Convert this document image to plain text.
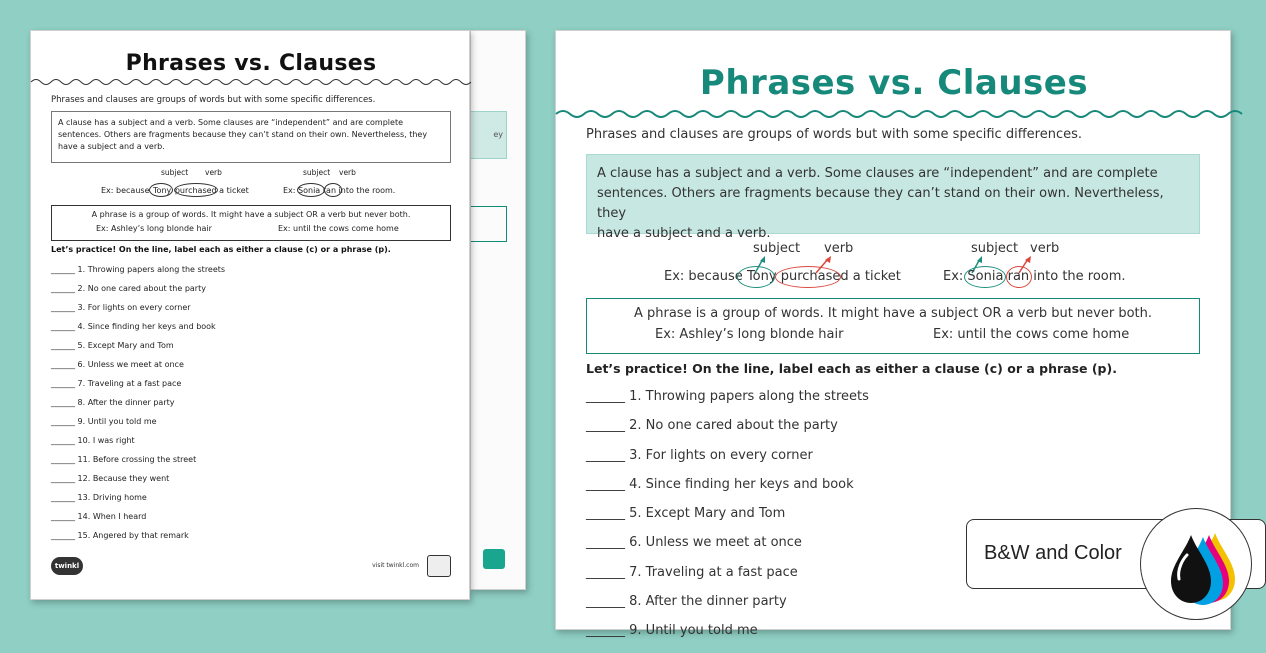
ey
Phrases vs. Clauses
Phrases and clauses are groups of words but with some specific differences.
A clause has a subject and a verb. Some clauses are “independent” and are complete
sentences. Others are fragments because they can’t stand on their own. Nevertheless, they
have a subject and a verb.
subject verb
Ex: because Tony purchased a ticket
subject verb
Ex: Sonia ran into the room.
A phrase is a group of words. It might have a subject OR a verb but never both.
Ex: Ashley’s long blonde hair	Ex: until the cows come home
Let’s practice! On the line, label each as either a clause (c) or a phrase (p).
______ 1. Throwing papers along the streets
______ 2. No one cared about the party
______ 3. For lights on every corner
______ 4. Since finding her keys and book
______ 5. Except Mary and Tom
______ 6. Unless we meet at once
______ 7. Traveling at a fast pace
______ 8. After the dinner party
______ 9. Until you told me
______ 10. I was right
______ 11. Before crossing the street
______ 12. Because they went
______ 13. Driving home
______ 14. When I heard
______ 15. Angered by that remark
twinkl	visit twinkl.com
Phrases vs. Clauses
Phrases and clauses are groups of words but with some specific differences.
A clause has a subject and a verb. Some clauses are “independent” and are complete
sentences. Others are fragments because they can’t stand on their own. Nevertheless, they
have a subject and a verb.
subject verb
Ex: because Tony purchased a ticket
subject verb
Ex: Sonia ran into the room.
A phrase is a group of words. It might have a subject OR a verb but never both.
Ex: Ashley’s long blonde hair	Ex: until the cows come home
Let’s practice! On the line, label each as either a clause (c) or a phrase (p).
______ 1. Throwing papers along the streets
______ 2. No one cared about the party
______ 3. For lights on every corner
______ 4. Since finding her keys and book
______ 5. Except Mary and Tom
______ 6. Unless we meet at once
______ 7. Traveling at a fast pace
______ 8. After the dinner party
______ 9. Until you told me
B&W and Color
